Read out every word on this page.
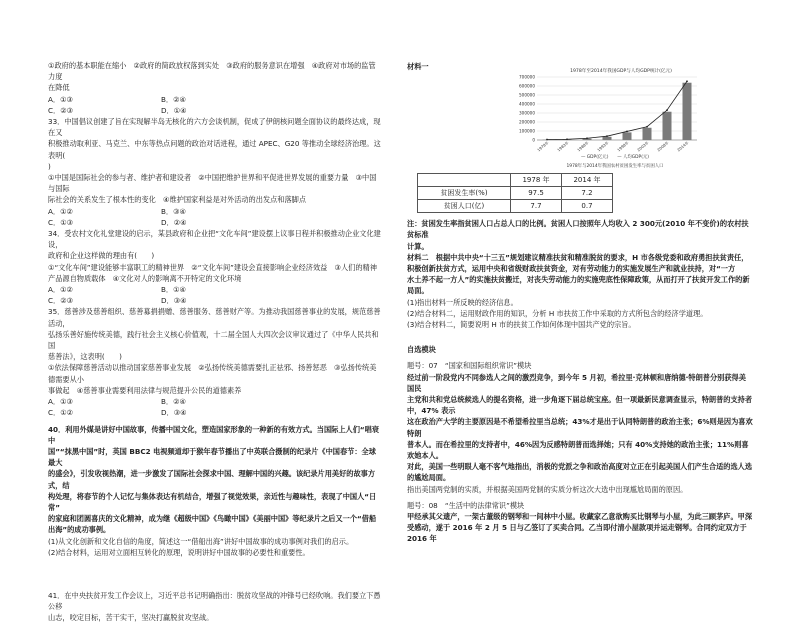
①政府的基本职能在缩小　②政府的简政放权落到实处　③政府的服务意识在增强　④政府对市场的监管力度

在降低

A．①③	B．②④
C．②③	D．①④

33．中国倡议创建了旨在实现解半岛无核化的六方会谈机制，促成了伊朗核问题全面协议的最终达成，现在又

积极推动取利亚、马克兰、中东等热点问题的政治对话进程，通过 APEC、G20 等推动全球经济治理。这表明(

)

①中国是国际社会的参与者、维护者和建设者　②中国把维护世界和平促进世界发展的重要力量　③中国与国际

际社会的关系发生了根本性的变化　④维护国家利益是对外活动的出发点和落脚点

A．①②	B．③④
C．①③	D．②④

34．受农村文化礼堂建设的启示，某县政府和企业把“文化车间”建设摆上议事日程并积极推动企业文化建设，

政府和企业这样做的理由有(　　)

①“文化车间”建设能够丰富职工的精神世界　②“文化车间”建设会直接影响企业经济效益　③人们的精神

产品源自物质载体　④文化对人的影响离不开特定的文化环境

A．①②	B．①④
C．②③	D．③④

35．慈善涉及慈善组织、慈善募捐捐赠、慈善服务、慈善财产等。为推动我国慈善事业的发展，规范慈善活动，

弘扬乐善好施传统美德，践行社会主义核心价值观，十二届全国人大四次会议审议通过了《中华人民共和国

慈善法》，这表明(　　)

①依法保障慈善活动以推动国家慈善事业发展　②弘扬传统美德需要扎正祛邪、扬善惩恶　③弘扬传统美德需要从小

事做起　④慈善事业需要利用法律与规范提升公民的道德素养

A．①③	B．②④
C．①②	D．③④

40．利用外媒是讲好中国故事，传播中国文化，塑造国家形象的一种新的有效方式。当国际上人们“唱衰中

国”“抹黑中国”时，英国 BBC2 电视频道却于猴年春节播出了中英联合摄制的纪录片《中国春节：全球最大

的盛会》，引发收视热潮，进一步激发了国际社会探求中国、理解中国的兴趣。该纪录片用美好的故事方式，结

构处理，将春节的个人记忆与集体表达有机结合，增强了视觉效果，亲近性与趣味性，表现了中国人“日常”

的家庭和团圆喜庆的文化精神，成为继《超级中国》《鸟瞰中国》《美丽中国》等纪录片之后又一个“借船

出海”的成功事例。

(1)从文化创新和文化自信的角度，简述这一“借船出海”讲好中国故事的成功事例对我们的启示。

(2)结合材料，运用对立面相互转化的原理，说明讲好中国故事的必要性和重要性。

41．在中央扶贫开发工作会议上，习近平总书记明确指出：脱贫攻坚战的冲锋号已经吹响。我们要立下愚公移

山志，咬定目标，苦干实干，坚决打赢脱贫攻坚战。

材料一

1978年至2014年我国GDP与人均GDP统计(亿元)
700000
600000
500000
400000
300000
200000
100000
0 1978年 1983年 1988年 1993年 1998年 2003年 2008年 2014年
— GDP(亿元)　　— 人均GDP(元)
1978年与2014年我国农村贫困发生率与贫困人口
	1978 年	2014 年
贫困发生率(%)	97.5	7.2
贫困人口(亿)	7.7	0.7

注：贫困发生率指贫困人口占总人口的比例。贫困人口按照年人均收入 2 300元(2010 年不变价)的农村扶贫标准

计算。

材料二　根据中共中央“十三五”规划建议精准扶贫和精准脱贫的要求，H 市各级党委和政府勇担扶贫责任，

积极创新扶贫方式，运用中央和省级财政扶贫资金，对有劳动能力的实施发展生产和就业扶持，对“一方

水土养不起一方人”的实施扶贫搬迁，对丧失劳动能力的实施兜底性保障政策，从而打开了扶贫开发工作的新

局面。

(1)指出材料一所反映的经济信息。

(2)结合材料二，运用财政作用的知识，分析 H 市扶贫工作中采取的方式所包含的经济学道理。

(3)结合材料二，简要说明 H 市的扶贫工作如何体现中国共产党的宗旨。

自选模块

题号：07　“国家和国际组织常识”模块

经过前一阶段党内不同参选人之间的激烈竞争，到今年 5 月初，希拉里·克林顿和唐纳德·特朗普分别获得美国民

主党和共和党总统候选人的提名资格，进一步角逐下届总统宝座。但一项最新民意调查显示，特朗普的支持者中，47% 表示

这在政治产大学的主要原因是不希望希拉里当总统；43%才是出于认同特朗普的政治主张；6%则是因为喜欢特朗

普本人。而在希拉里的支持者中，46%因为反感特朗普而选择她；只有 40%支持她的政治主张；11%则喜欢她本人。

对此，美国一些明眼人毫不客气地指出，消极的党派之争和政治高度对立正在引起美国人们产生合适的选人选的尴尬局面。

指出美国两党制的实质，并根据美国两党制的实质分析这次大选中出现尴尬局面的原因。

题号：08　“生活中的法律常识”模块

甲经承其父遗产，一架古董级的钢琴和一间林中小屋。收藏家乙意欲购买比钢琴与小屋，为此三顾茅庐。甲深

受感动，遂于 2016 年 2 月 5 日与乙签订了买卖合同。乙当即付清小屋款项并运走钢琴。合同约定双方于 2016 年
